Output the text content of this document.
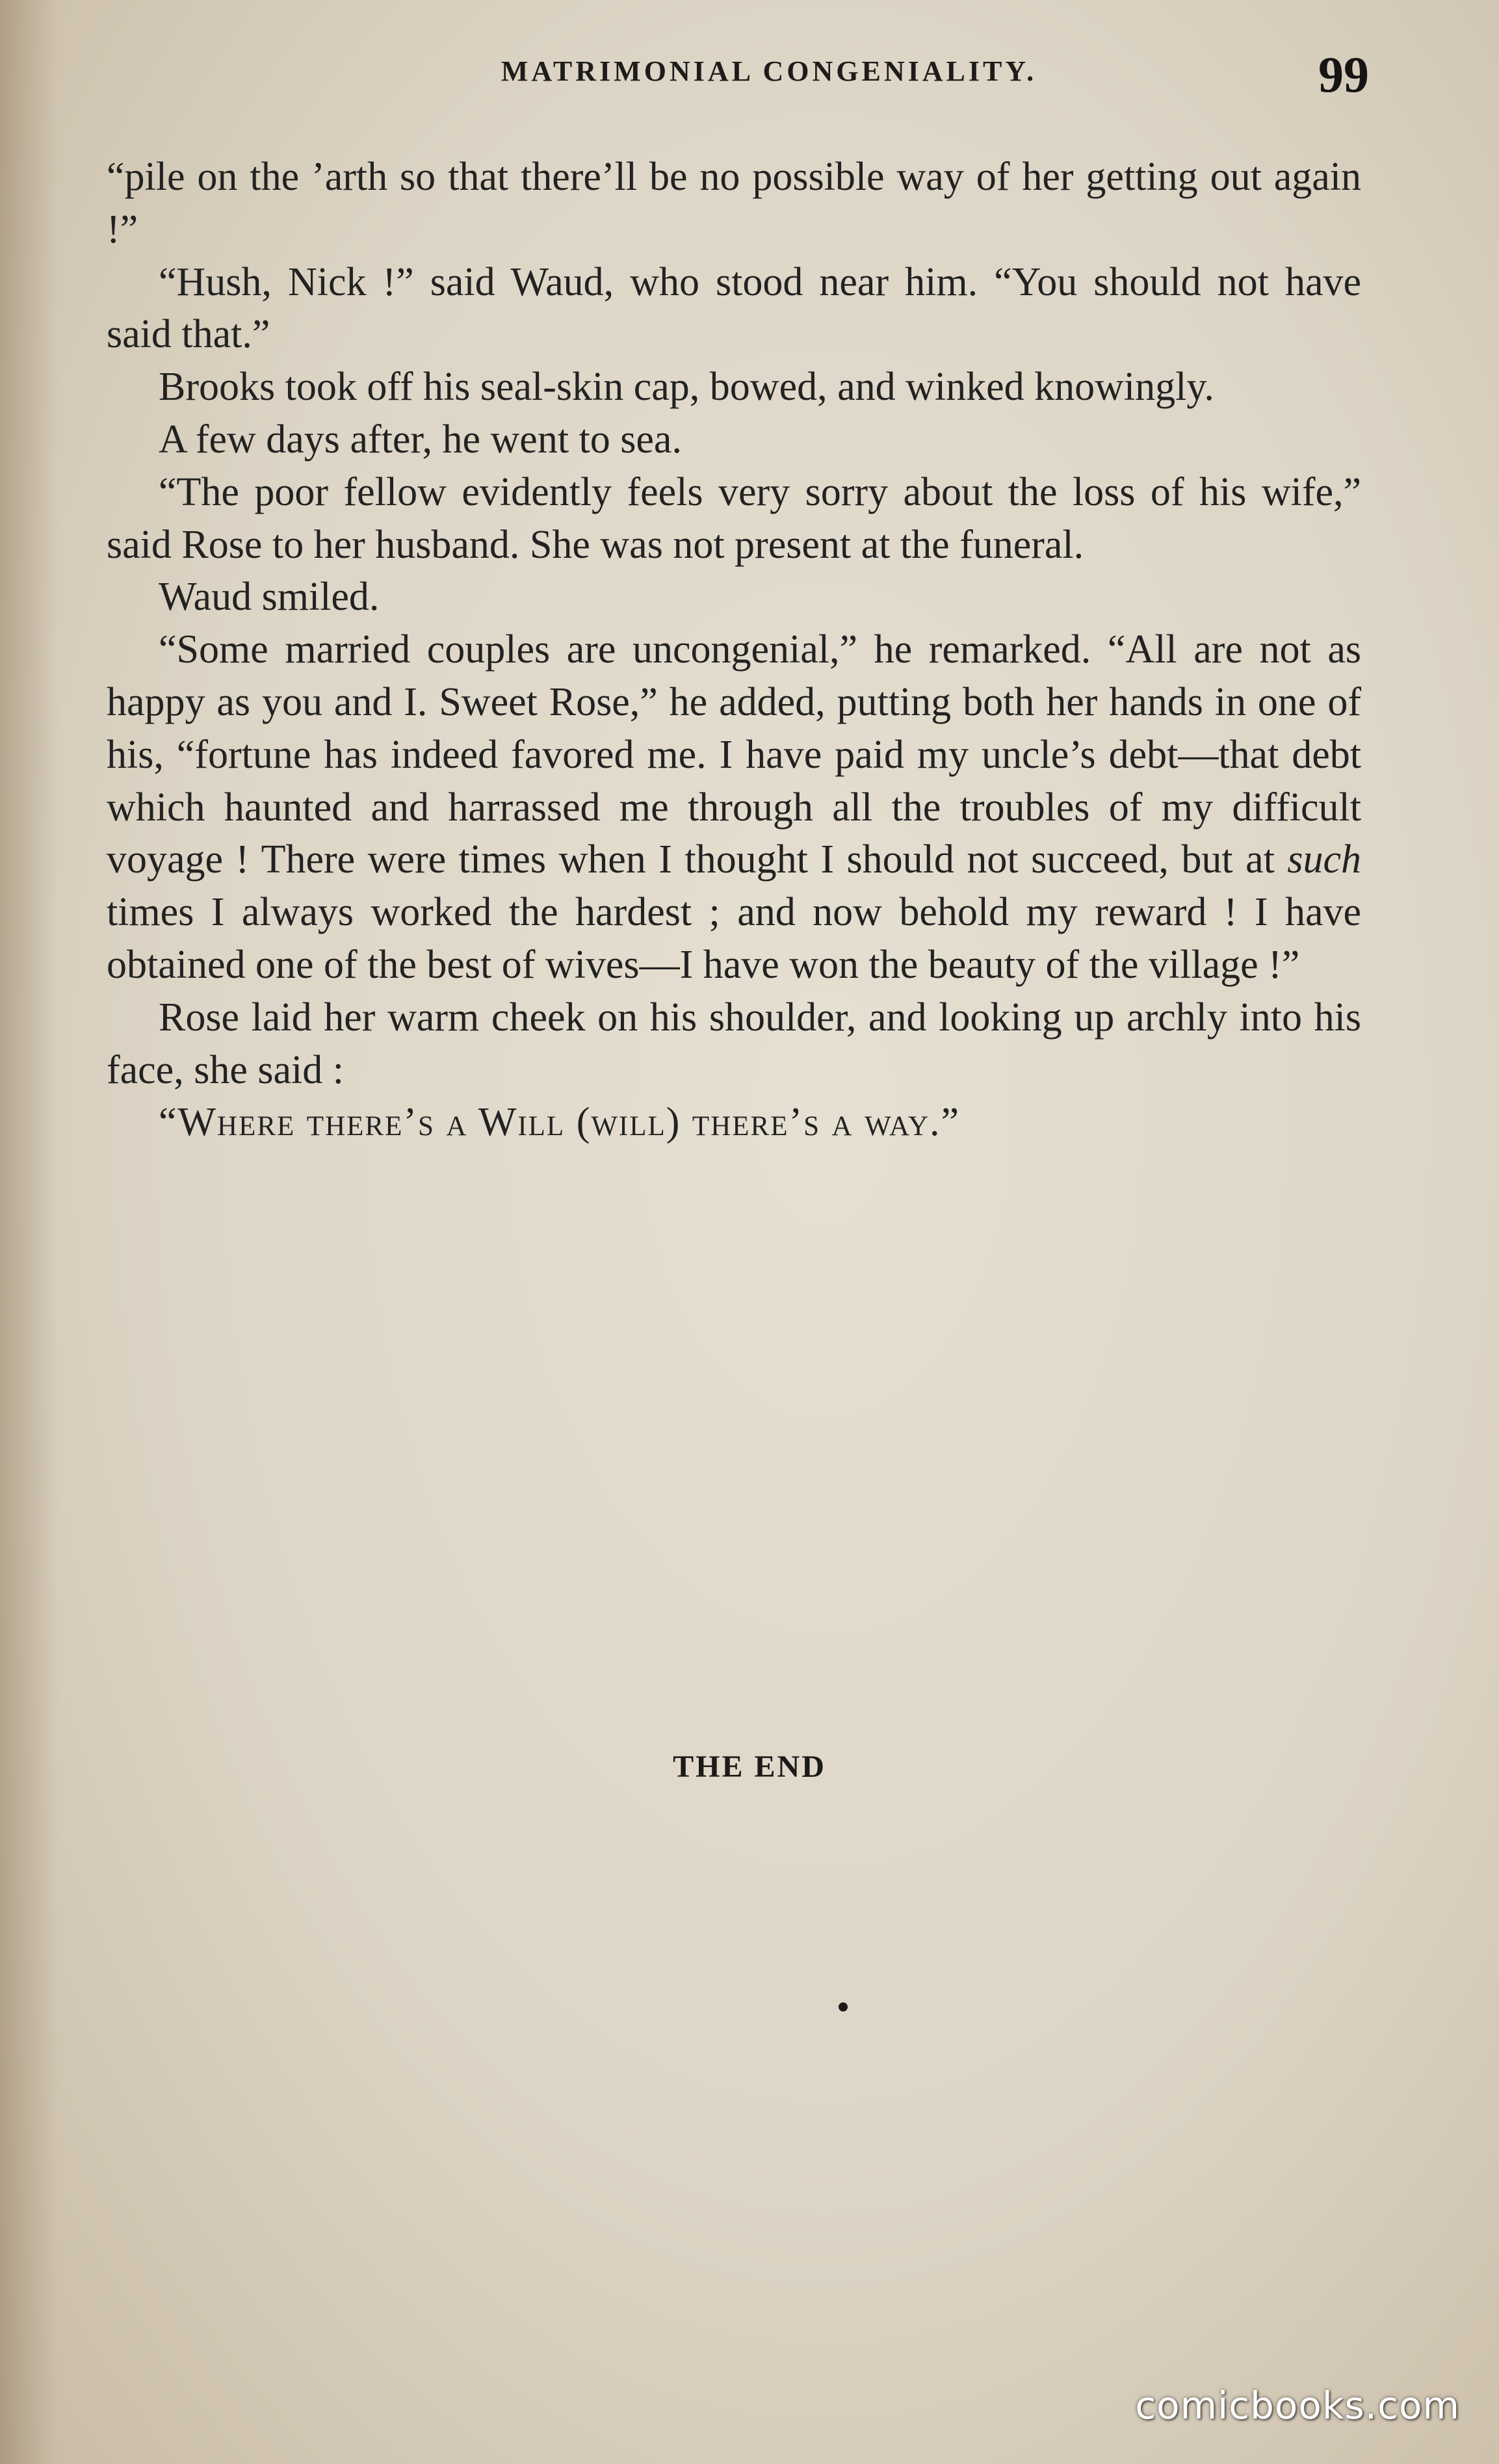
MATRIMONIAL CONGENIALITY.	99

“pile on the ’arth so that there’ll be no possible way of her getting out again !”

“Hush, Nick !” said Waud, who stood near him. “You should not have said that.”

Brooks took off his seal-skin cap, bowed, and winked knowingly.

A few days after, he went to sea.

“The poor fellow evidently feels very sorry about the loss of his wife,” said Rose to her husband. She was not present at the funeral.

Waud smiled.

“Some married couples are uncongenial,” he remarked. “All are not as happy as you and I. Sweet Rose,” he added, putting both her hands in one of his, “fortune has indeed favored me. I have paid my uncle’s debt—that debt which haunted and harrassed me through all the troubles of my difficult voyage ! There were times when I thought I should not succeed, but at such times I always worked the hardest ; and now behold my reward ! I have obtained one of the best of wives—I have won the beauty of the village !”

Rose laid her warm cheek on his shoulder, and looking up archly into his face, she said :

“Where there’s a Will (will) there’s a way.”

THE END
comicbooks.com
